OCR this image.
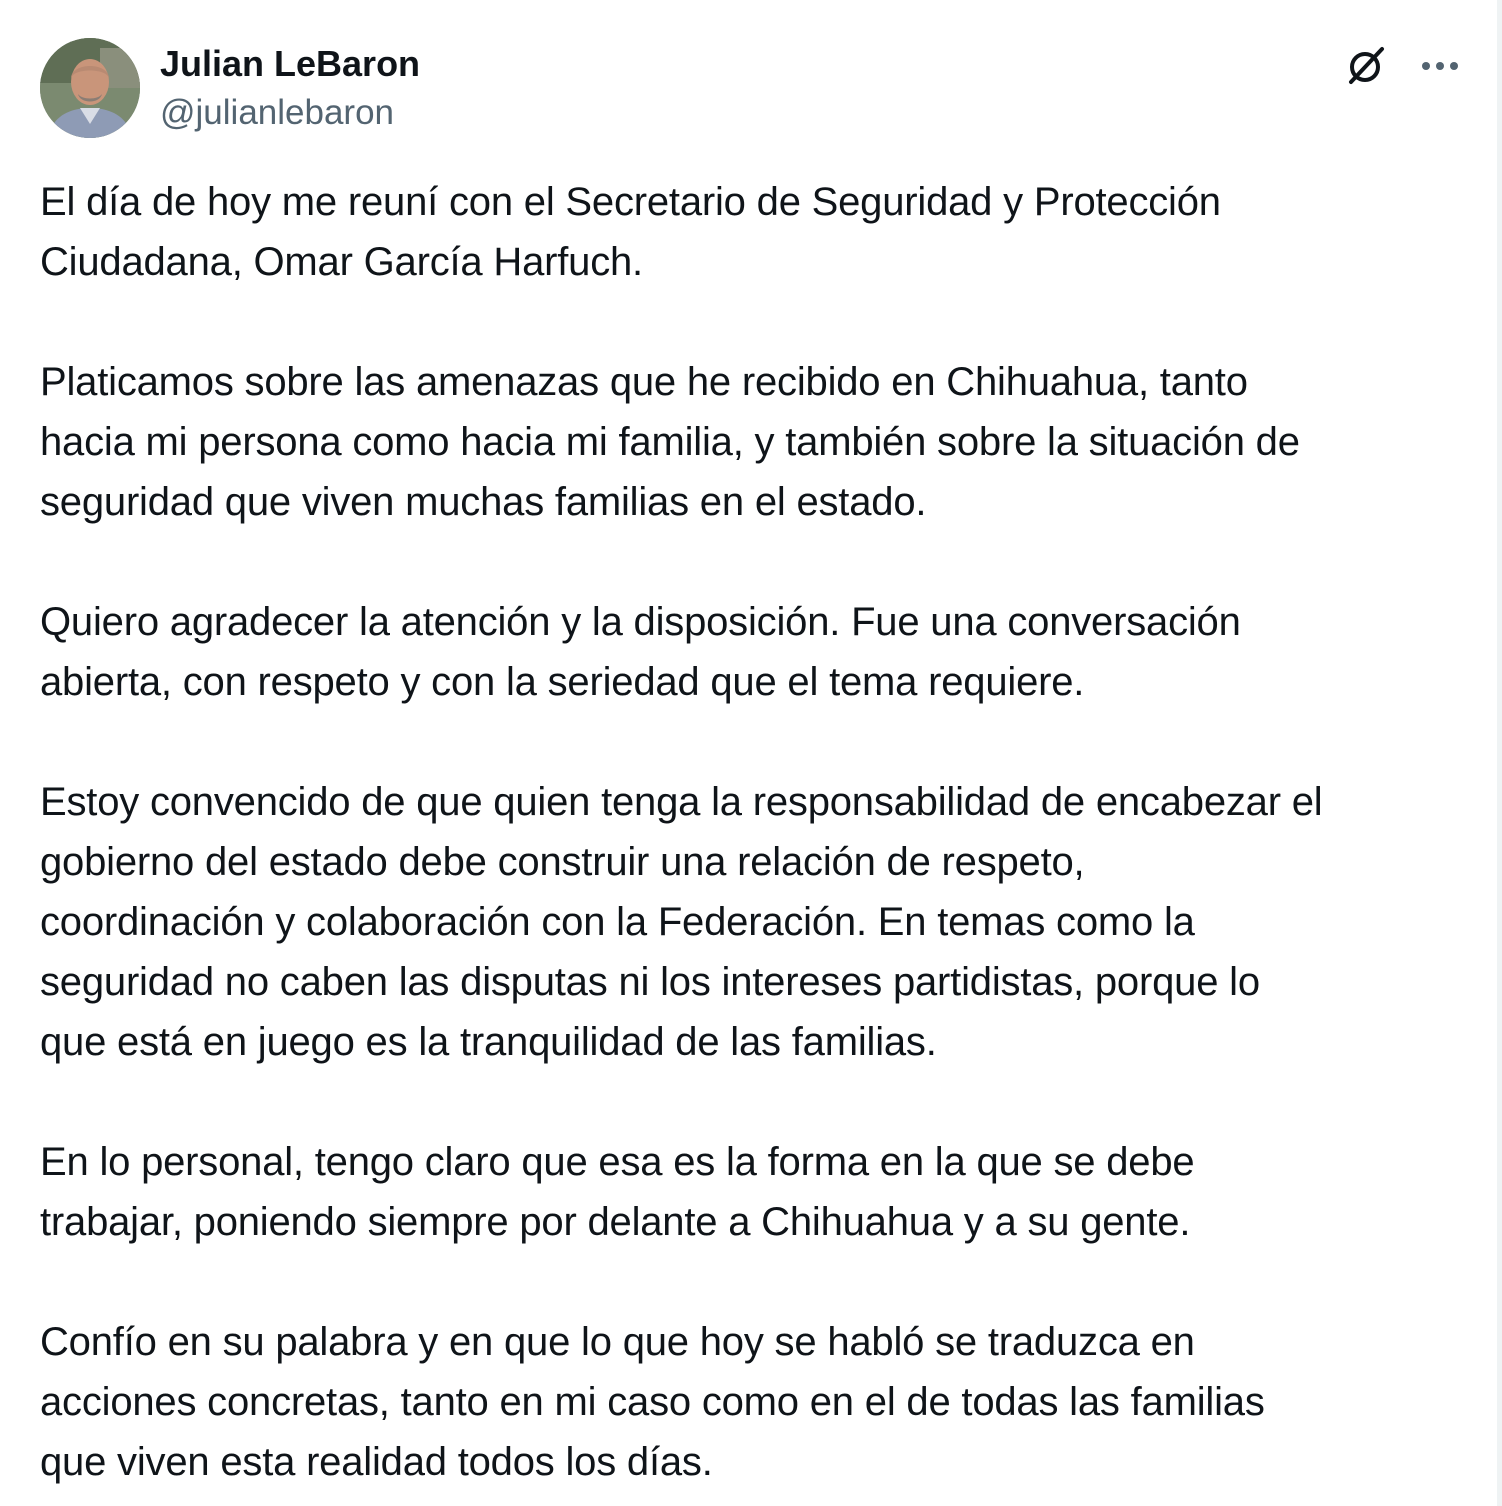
Julian LeBaron
@julianlebaron

El día de hoy me reuní con el Secretario de Seguridad y Protección
Ciudadana, Omar García Harfuch.

Platicamos sobre las amenazas que he recibido en Chihuahua, tanto
hacia mi persona como hacia mi familia, y también sobre la situación de
seguridad que viven muchas familias en el estado.

Quiero agradecer la atención y la disposición. Fue una conversación
abierta, con respeto y con la seriedad que el tema requiere.

Estoy convencido de que quien tenga la responsabilidad de encabezar el
gobierno del estado debe construir una relación de respeto,
coordinación y colaboración con la Federación. En temas como la
seguridad no caben las disputas ni los intereses partidistas, porque lo
que está en juego es la tranquilidad de las familias.

En lo personal, tengo claro que esa es la forma en la que se debe
trabajar, poniendo siempre por delante a Chihuahua y a su gente.

Confío en su palabra y en que lo que hoy se habló se traduzca en
acciones concretas, tanto en mi caso como en el de todas las familias
que viven esta realidad todos los días.
